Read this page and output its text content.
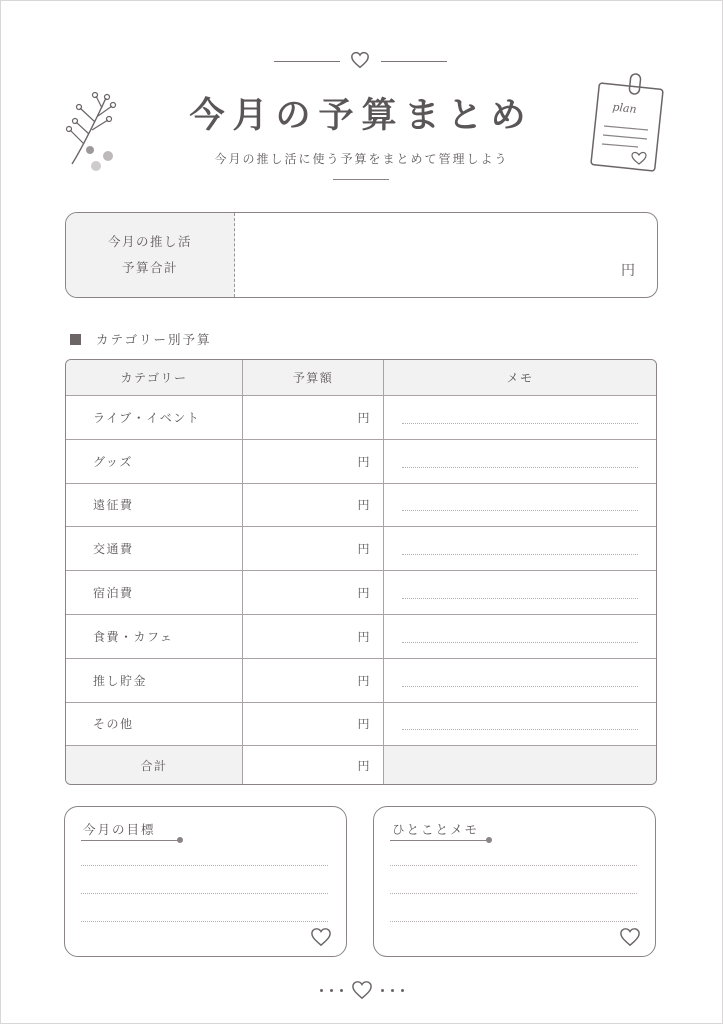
今月の予算まとめ
今月の推し活に使う予算をまとめて管理しよう
plan
今月の推し活
予算合計	円
カテゴリー別予算
カテゴリー	予算額	メモ
ライブ・イベント	円
グッズ	円
遠征費	円
交通費	円
宿泊費	円
食費・カフェ	円
推し貯金	円
その他	円
合計	円
今月の目標	ひとことメモ
